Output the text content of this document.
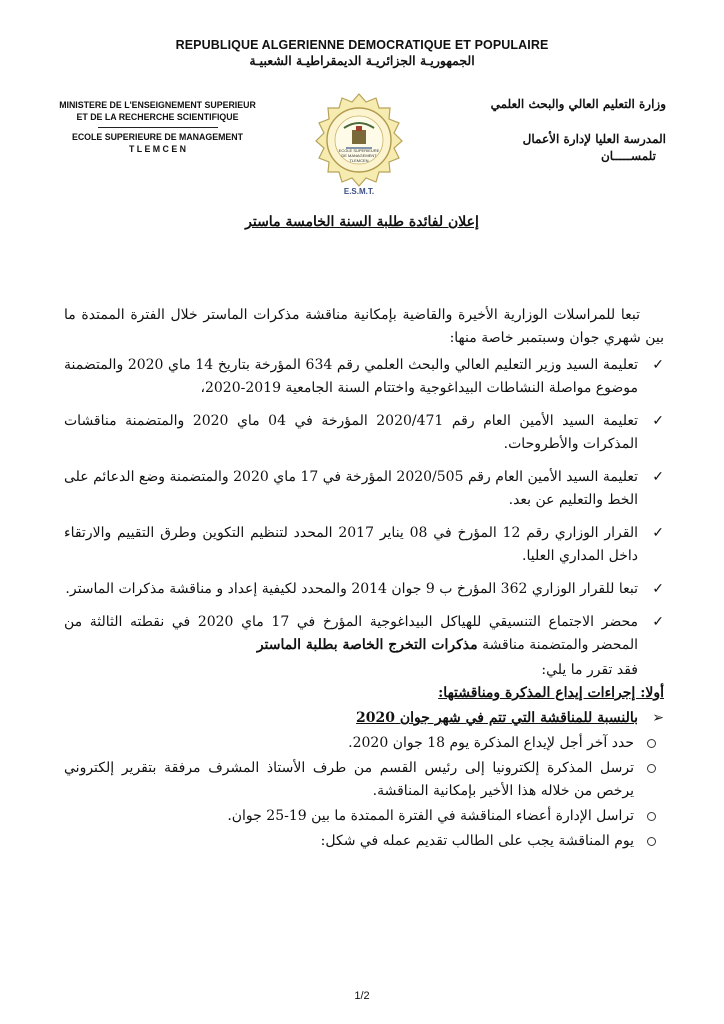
REPUBLIQUE ALGERIENNE DEMOCRATIQUE ET POPULAIRE
الجمهوريـة الجزائريـة الديمقراطيـة الشعبيـة
MINISTERE DE L'ENSEIGNEMENT SUPERIEUR
ET DE LA RECHERCHE SCIENTIFIQUE
ECOLE SUPERIEURE DE MANAGEMENT
T L E M C E N	ECOLE SUPERIEURE
DE MANAGEMENT
TLEMCEN
E.S.M.T.
وزارة التعليم العالي والبحث العلمي
المدرسة العليا لإدارة الأعمال
تلمســـــان
إعلان لفائدة طلبة السنة الخامسة ماستر
تبعا للمراسلات الوزارية الأخيرة والقاضية بإمكانية مناقشة مذكرات الماستر خلال الفترة الممتدة ما بين شهري جوان وسبتمبر خاصة منها:
✓
تعليمة السيد وزير التعليم العالي والبحث العلمي رقم 634 المؤرخة بتاريخ 14 ماي 2020 والمتضمنة موضوع مواصلة النشاطات البيداغوجية واختتام السنة الجامعية 2019-2020،
✓
تعليمة السيد الأمين العام رقم 2020/471 المؤرخة في 04 ماي 2020 والمتضمنة مناقشات المذكرات والأطروحات.
✓
تعليمة السيد الأمين العام رقم 2020/505 المؤرخة في 17 ماي 2020 والمتضمنة وضع الدعائم على الخط والتعليم عن بعد.
✓
القرار الوزاري رقم 12 المؤرخ في 08 يناير 2017 المحدد لتنظيم التكوين وطرق التقييم والارتقاء داخل المداري العليا.
✓
تبعا للقرار الوزاري 362 المؤرخ ب 9 جوان 2014 والمحدد لكيفية إعداد و مناقشة مذكرات الماستر.
✓
محضر الاجتماع التنسيقي للهياكل البيداغوجية المؤرخ في 17 ماي 2020 في نقطته الثالثة من المحضر والمتضمنة مناقشة مذكرات التخرج الخاصة بطلبة الماستر
فقد تقرر ما يلي:
أولا: إجراءات إيداع المذكرة ومناقشتها:
➢
بالنسبة للمناقشة التي تتم في شهر جوان 2020
حدد آخر أجل لإيداع المذكرة يوم 18 جوان 2020.
ترسل المذكرة إلكترونيا إلى رئيس القسم من طرف الأستاذ المشرف مرفقة بتقرير إلكتروني يرخص من خلاله هذا الأخير بإمكانية المناقشة.
تراسل الإدارة أعضاء المناقشة في الفترة الممتدة ما بين 19-25 جوان.
يوم المناقشة يجب على الطالب تقديم عمله في شكل:
1/2
